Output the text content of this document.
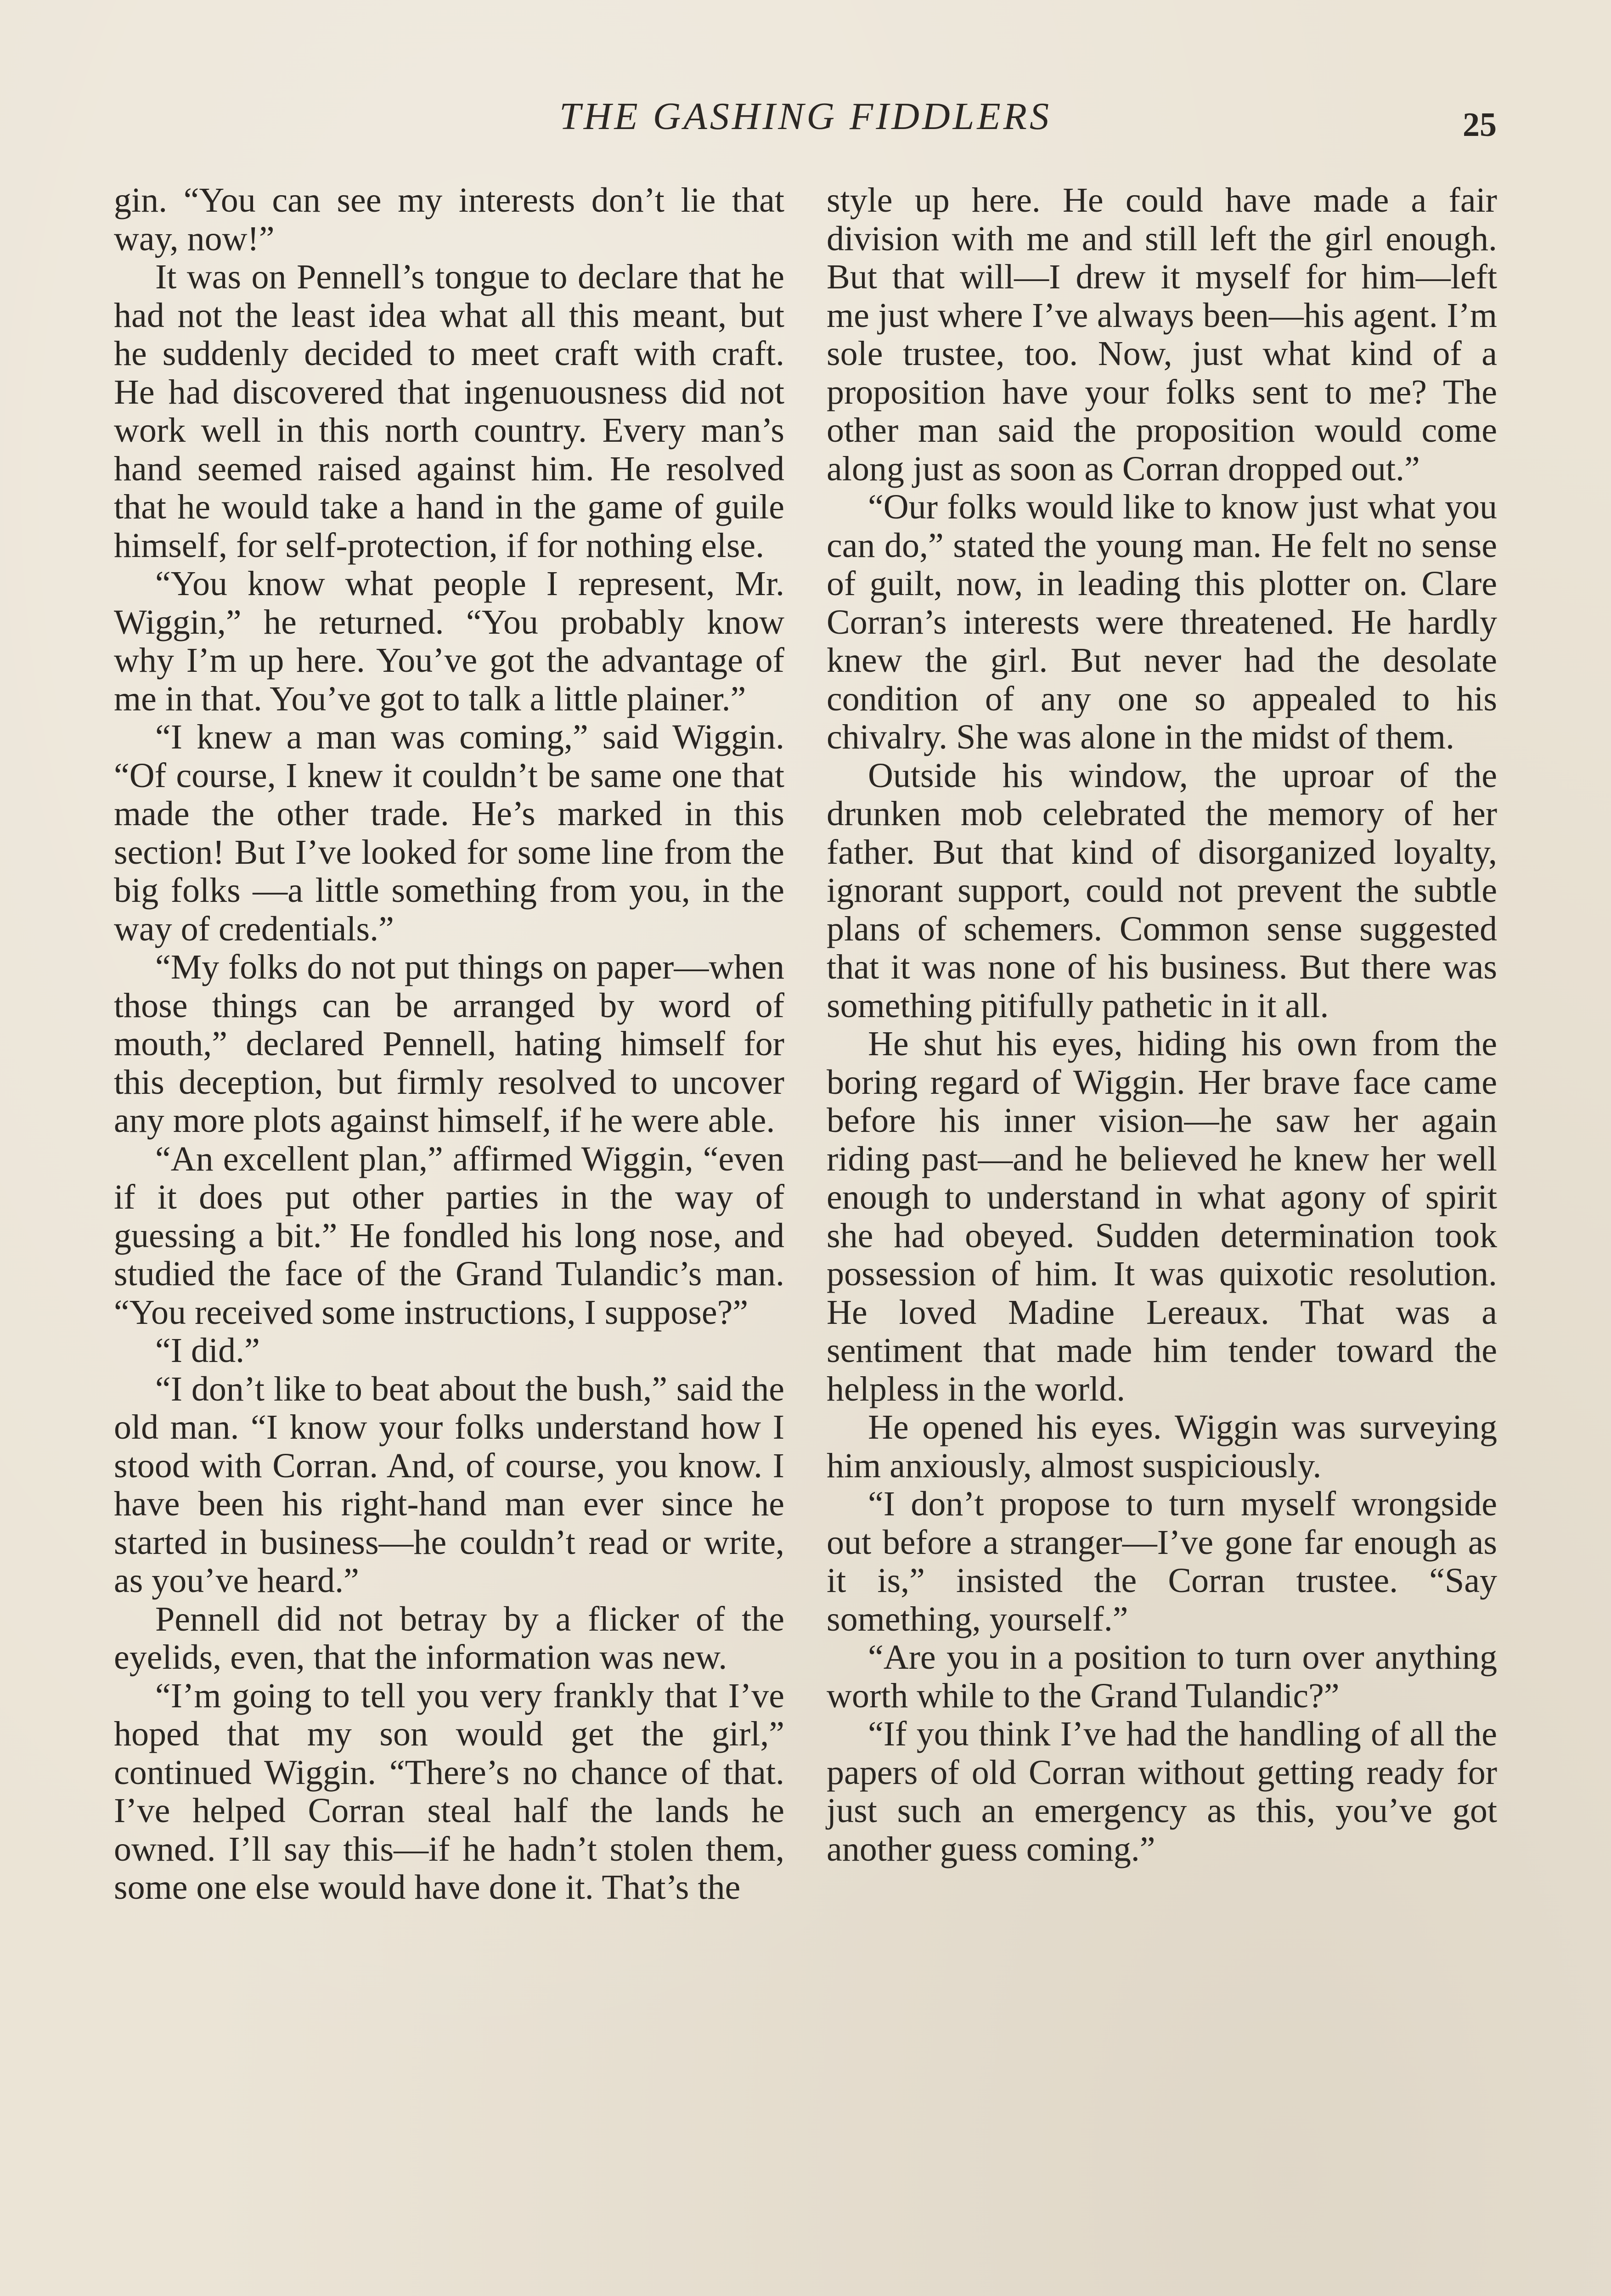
THE GASHING FIDDLERS	25

gin. “You can see my interests don’t lie that way, now!”

It was on Pennell’s tongue to declare that he had not the least idea what all this meant, but he suddenly decided to meet craft with craft. He had discovered that ingenuousness did not work well in this north country. Every man’s hand seemed raised against him. He resolved that he would take a hand in the game of guile himself, for self-protection, if for nothing else.

“You know what people I represent, Mr. Wiggin,” he returned. “You probably know why I’m up here. You’ve got the advantage of me in that. You’ve got to talk a little plainer.”

“I knew a man was coming,” said Wiggin. “Of course, I knew it couldn’t be same one that made the other trade. He’s marked in this section! But I’ve looked for some line from the big folks —a little something from you, in the way of credentials.”

“My folks do not put things on paper—when those things can be arranged by word of mouth,” declared Pennell, hating himself for this deception, but firmly resolved to uncover any more plots against himself, if he were able.

“An excellent plan,” affirmed Wiggin, “even if it does put other parties in the way of guessing a bit.” He fondled his long nose, and studied the face of the Grand Tulandic’s man. “You received some instructions, I suppose?”

“I did.”

“I don’t like to beat about the bush,” said the old man. “I know your folks understand how I stood with Corran. And, of course, you know. I have been his right-hand man ever since he started in business—he couldn’t read or write, as you’ve heard.”

Pennell did not betray by a flicker of the eyelids, even, that the information was new.

“I’m going to tell you very frankly that I’ve hoped that my son would get the girl,” continued Wiggin. “There’s no chance of that. I’ve helped Corran steal half the lands he owned. I’ll say this—if he hadn’t stolen them, some one else would have done it. That’s the

style up here. He could have made a fair division with me and still left the girl enough. But that will—I drew it myself for him—left me just where I’ve always been—his agent. I’m sole trustee, too. Now, just what kind of a proposition have your folks sent to me? The other man said the proposition would come along just as soon as Corran dropped out.”

“Our folks would like to know just what you can do,” stated the young man. He felt no sense of guilt, now, in leading this plotter on. Clare Corran’s interests were threatened. He hardly knew the girl. But never had the desolate condition of any one so appealed to his chivalry. She was alone in the midst of them.

Outside his window, the uproar of the drunken mob celebrated the memory of her father. But that kind of disorganized loyalty, ignorant support, could not prevent the subtle plans of schemers. Common sense suggested that it was none of his business. But there was something pitifully pathetic in it all.

He shut his eyes, hiding his own from the boring regard of Wiggin. Her brave face came before his inner vision—he saw her again riding past—and he believed he knew her well enough to understand in what agony of spirit she had obeyed. Sudden determination took possession of him. It was quixotic resolution. He loved Madine Lereaux. That was a sentiment that made him tender toward the helpless in the world.

He opened his eyes. Wiggin was surveying him anxiously, almost suspiciously.

“I don’t propose to turn myself wrongside out before a stranger—I’ve gone far enough as it is,” insisted the Corran trustee. “Say something, yourself.”

“Are you in a position to turn over anything worth while to the Grand Tulandic?”

“If you think I’ve had the handling of all the papers of old Corran without getting ready for just such an emergency as this, you’ve got another guess coming.”
